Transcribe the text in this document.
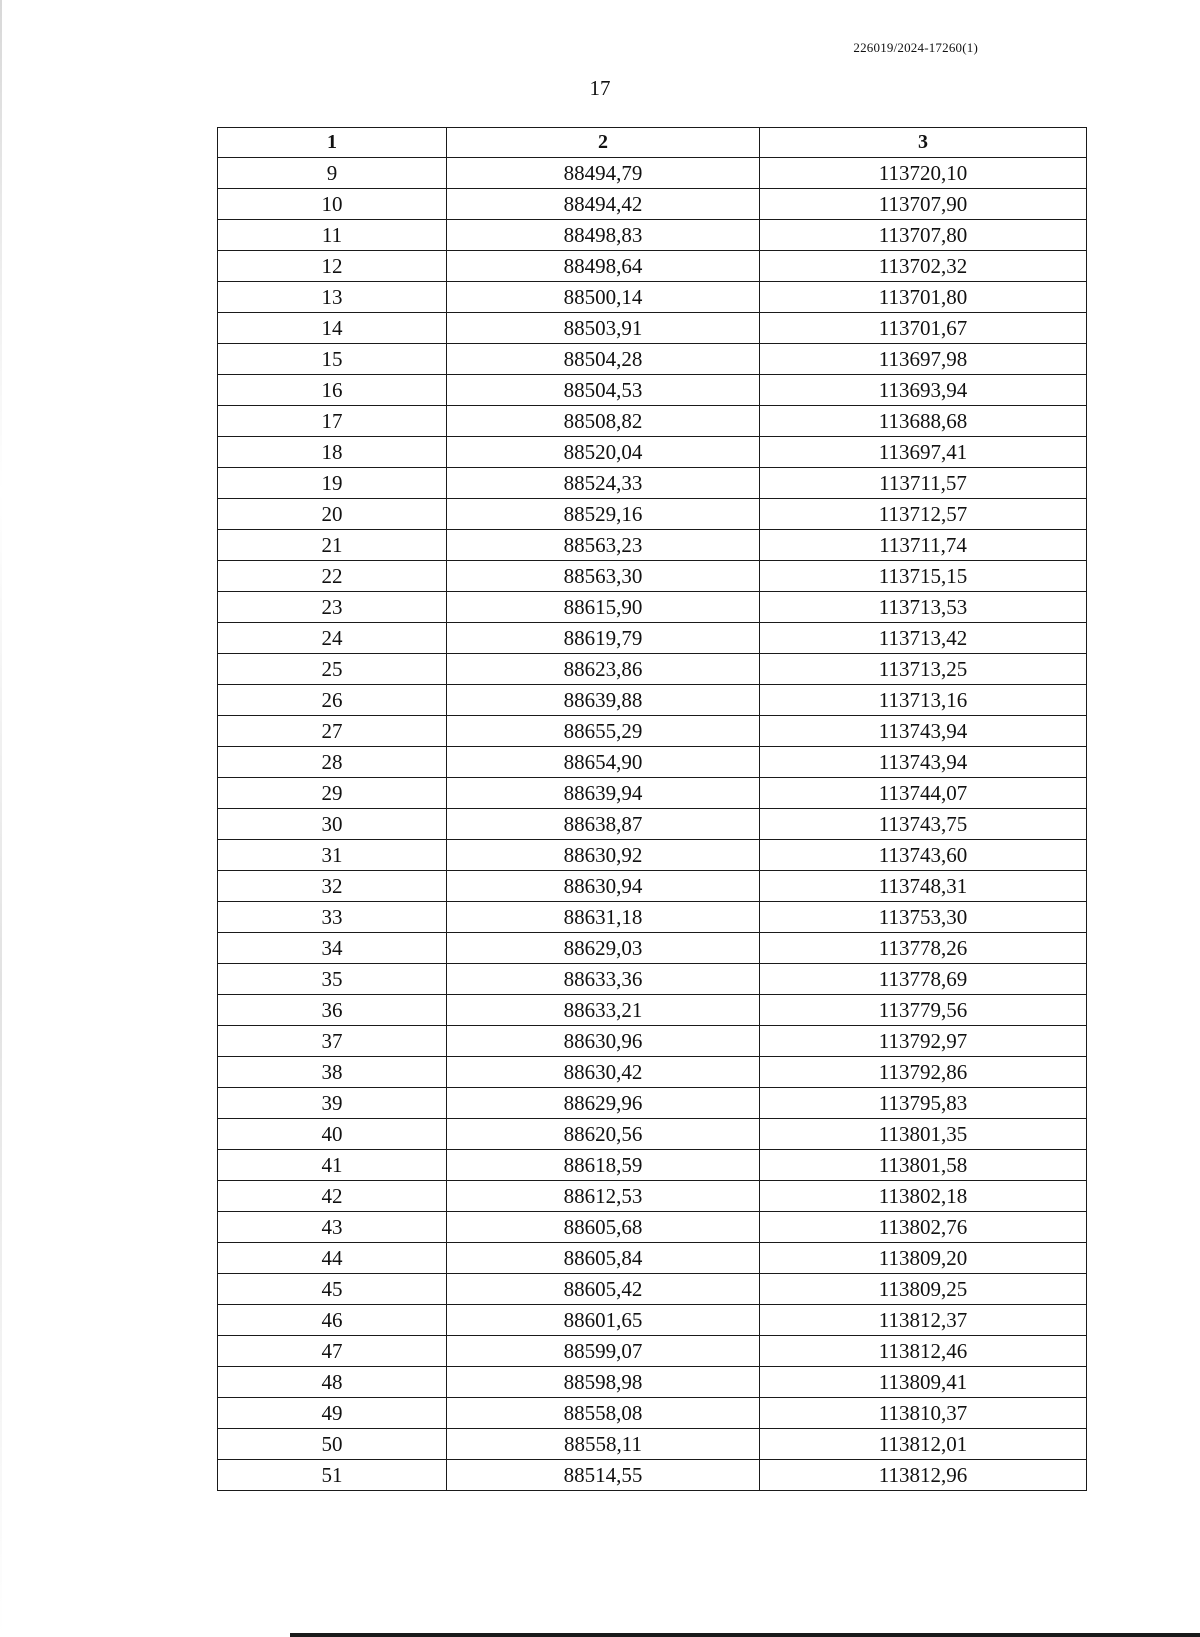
226019/2024-17260(1)
17
1	2	3
9	88494,79	113720,10
10	88494,42	113707,90
11	88498,83	113707,80
12	88498,64	113702,32
13	88500,14	113701,80
14	88503,91	113701,67
15	88504,28	113697,98
16	88504,53	113693,94
17	88508,82	113688,68
18	88520,04	113697,41
19	88524,33	113711,57
20	88529,16	113712,57
21	88563,23	113711,74
22	88563,30	113715,15
23	88615,90	113713,53
24	88619,79	113713,42
25	88623,86	113713,25
26	88639,88	113713,16
27	88655,29	113743,94
28	88654,90	113743,94
29	88639,94	113744,07
30	88638,87	113743,75
31	88630,92	113743,60
32	88630,94	113748,31
33	88631,18	113753,30
34	88629,03	113778,26
35	88633,36	113778,69
36	88633,21	113779,56
37	88630,96	113792,97
38	88630,42	113792,86
39	88629,96	113795,83
40	88620,56	113801,35
41	88618,59	113801,58
42	88612,53	113802,18
43	88605,68	113802,76
44	88605,84	113809,20
45	88605,42	113809,25
46	88601,65	113812,37
47	88599,07	113812,46
48	88598,98	113809,41
49	88558,08	113810,37
50	88558,11	113812,01
51	88514,55	113812,96
